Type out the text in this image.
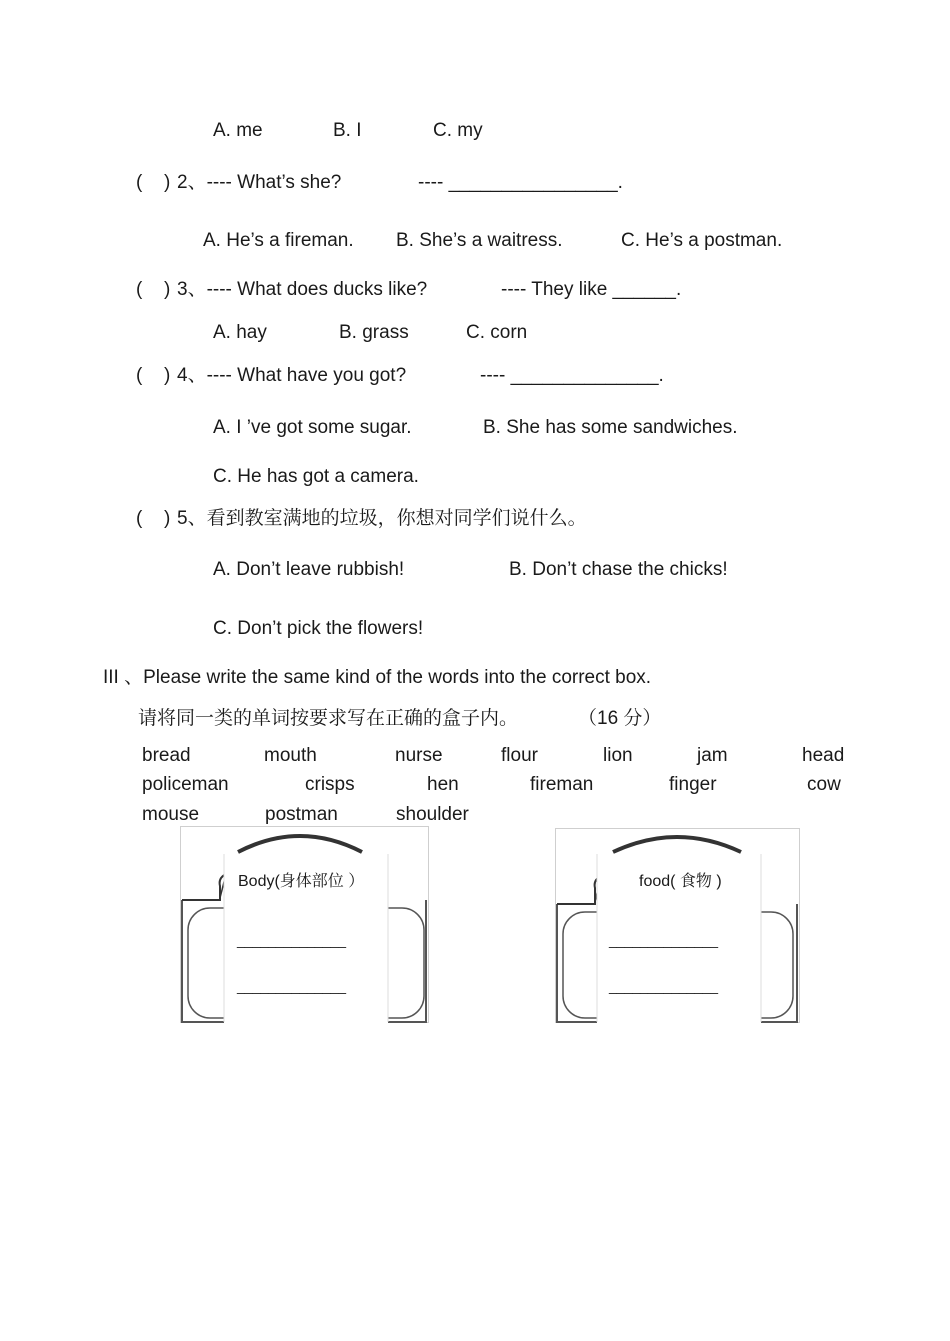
A. me	B. I	C. my
( ) 2、---- What’s she?	---- ________________.
A. He’s a fireman. B. She’s a waitress.	C. He’s a postman.
( ) 3、---- What does ducks like?	---- They like ______.
A. hay	B. grass	C. corn
( ) 4、---- What have you got?	---- ______________.
A. I ’ve got some sugar.	B. She has some sandwiches.
C. He has got a camera.
( ) 5、看到教室满地的垃圾，你想对同学们说什么。
A. Don’t leave rubbish!	B. Don’t chase the chicks!
C. Don’t pick the flowers!
III 、Please write the same kind of the words into the correct box.
请将同一类的单词按要求写在正确的盒子内。	（16 分）
bread	mouth	nurse	flour	lion	jam	head
policeman	crisps	hen	fireman	finger	cow
mouse	postman	shoulder
Body(身体部位 ）
______________
______________
food( 食物 )
______________
______________
